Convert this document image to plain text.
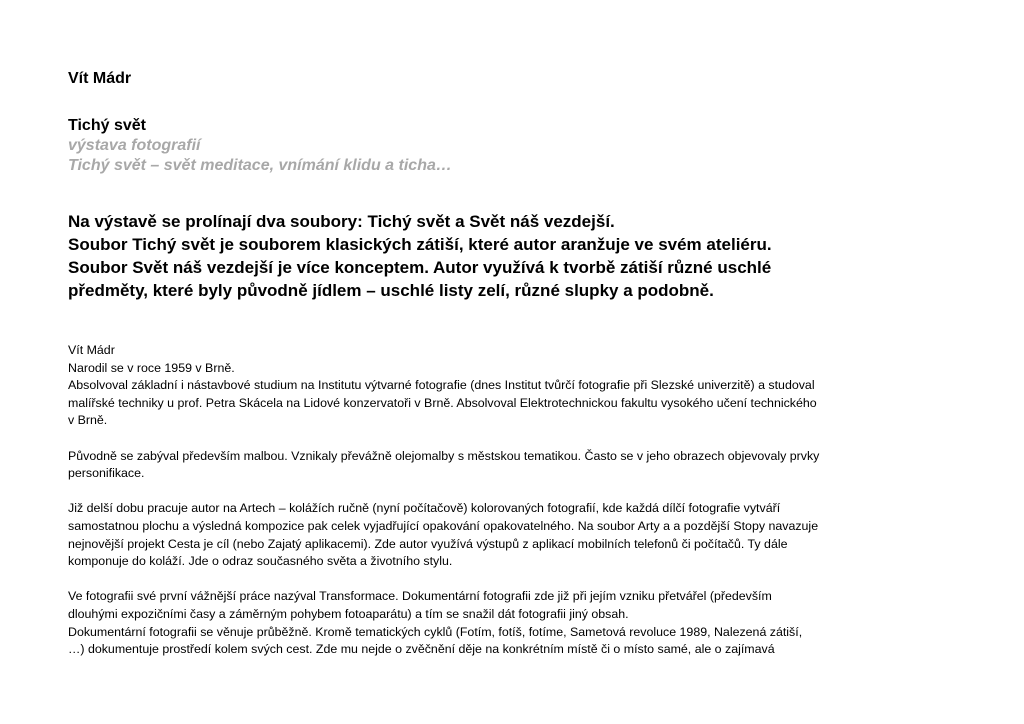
Vít Mádr
Tichý svět
výstava fotografií
Tichý svět – svět meditace, vnímání klidu a ticha…
Na výstavě se prolínají dva soubory: Tichý svět a Svět náš vezdejší.
Soubor Tichý svět je souborem klasických zátiší, které autor aranžuje ve svém ateliéru.
Soubor Svět náš vezdejší je více konceptem. Autor využívá k tvorbě zátiší různé uschlé
předměty, které byly původně jídlem – uschlé listy zelí, různé slupky a podobně.

Vít Mádr
Narodil se v roce 1959 v Brně.
Absolvoval základní i nástavbové studium na Institutu výtvarné fotografie (dnes Institut tvůrčí fotografie při Slezské univerzitě) a studoval
malířské techniky u prof. Petra Skácela na Lidové konzervatoři v Brně. Absolvoval Elektrotechnickou fakultu vysokého učení technického
v Brně.

Původně se zabýval především malbou. Vznikaly převážně olejomalby s městskou tematikou. Často se v jeho obrazech objevovaly prvky
personifikace.

Již delší dobu pracuje autor na Artech – kolážích ručně (nyní počítačově) kolorovaných fotografií, kde každá dílčí fotografie vytváří
samostatnou plochu a výsledná kompozice pak celek vyjadřující opakování opakovatelného. Na soubor Arty a a pozdější Stopy navazuje
nejnovější projekt Cesta je cíl (nebo Zajatý aplikacemi). Zde autor využívá výstupů z aplikací mobilních telefonů či počítačů. Ty dále
komponuje do koláží. Jde o odraz současného světa a životního stylu.

Ve fotografii své první vážnější práce nazýval Transformace. Dokumentární fotografii zde již při jejím vzniku přetvářel (především
dlouhými expozičními časy a záměrným pohybem fotoaparátu) a tím se snažil dát fotografii jiný obsah.
Dokumentární fotografii se věnuje průběžně. Kromě tematických cyklů (Fotím, fotíš, fotíme, Sametová revoluce 1989, Nalezená zátiší,
…) dokumentuje prostředí kolem svých cest. Zde mu nejde o zvěčnění děje na konkrétním místě či o místo samé, ale o zajímavá
